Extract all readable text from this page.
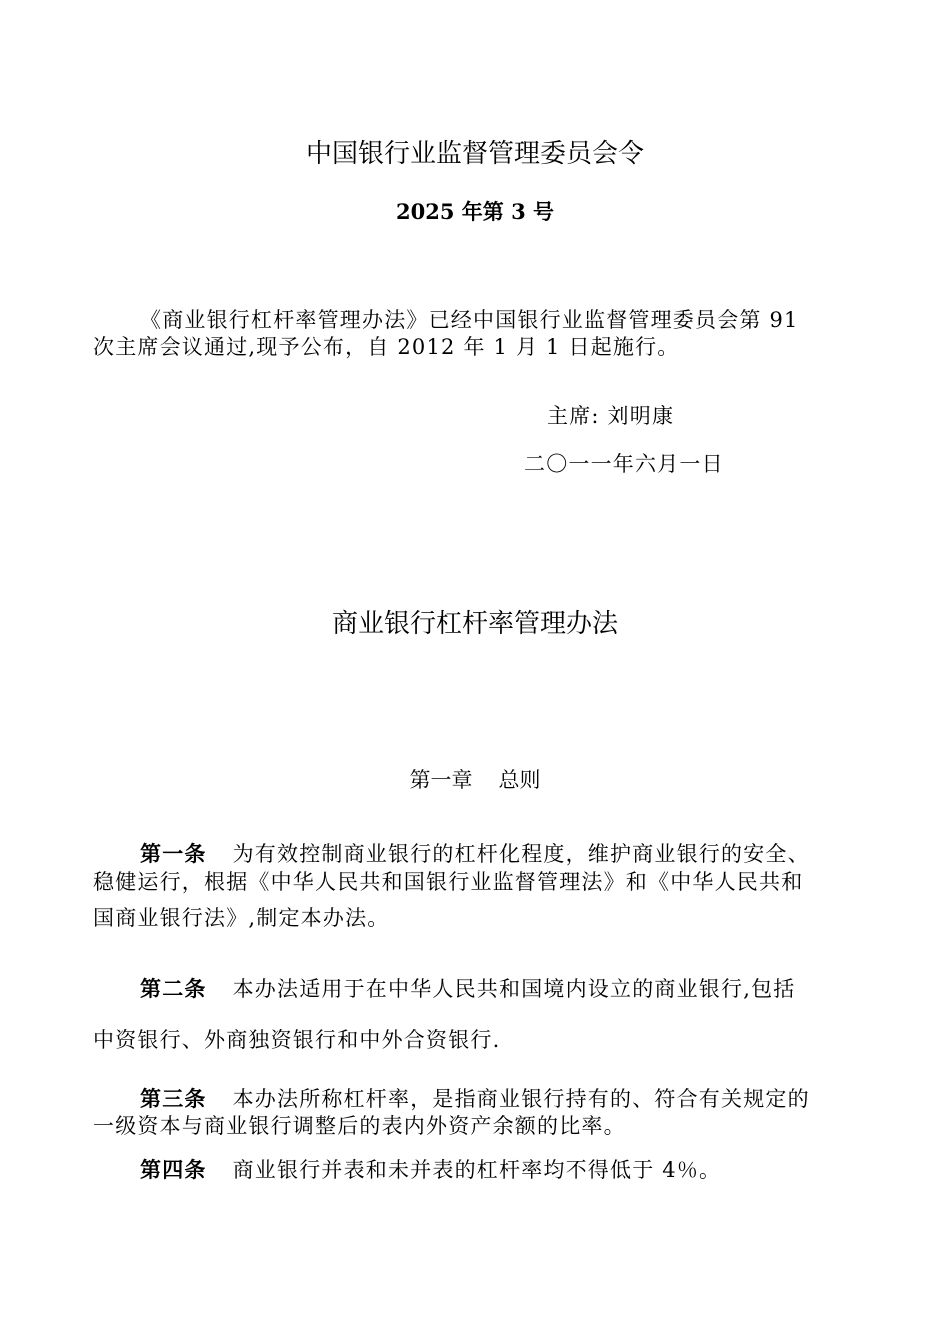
中国银行业监督管理委员会令
2025 年第 3 号
《商业银行杠杆率管理办法》已经中国银行业监督管理委员会第 91
次主席会议通过,现予公布，自 2012 年 1 月 1 日起施行。
主席: 刘明康
二〇一一年六月一日
商业银行杠杆率管理办法
第一章 总则
第一条 为有效控制商业银行的杠杆化程度，维护商业银行的安全、
稳健运行，根据《中华人民共和国银行业监督管理法》和《中华人民共和
国商业银行法》,制定本办法。
第二条 本办法适用于在中华人民共和国境内设立的商业银行,包括
中资银行、外商独资银行和中外合资银行.
第三条 本办法所称杠杆率，是指商业银行持有的、符合有关规定的
一级资本与商业银行调整后的表内外资产余额的比率。
第四条 商业银行并表和未并表的杠杆率均不得低于 4％。
